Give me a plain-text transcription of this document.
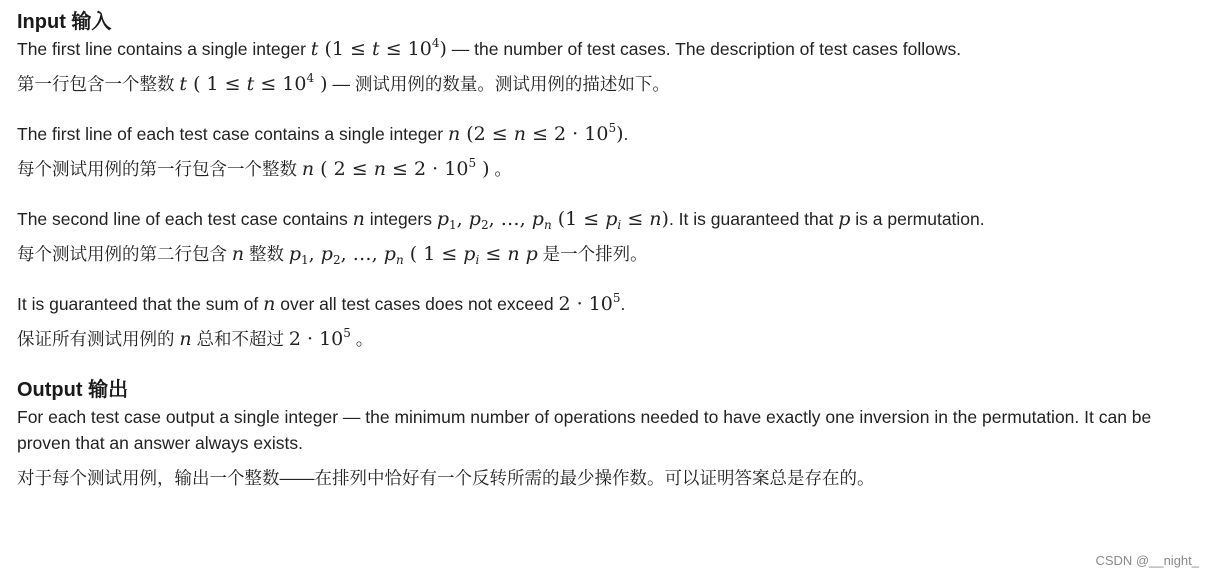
Input 输入

The first line contains a single integer t $(1 \le t \le 10^4)$ — the number of test cases. The description of test cases follows.

第一行包含一个整数 t ( $1 \le t \le 10^4$ ) — 测试用例的数量。测试用例的描述如下。

The first line of each test case contains a single integer n $(2 \le n \le 2 \cdot 10^5)$.

每个测试用例的第一行包含一个整数 n ( $2 \le n \le 2 \cdot 10^5$ ) 。

The second line of each test case contains n integers $p_1$, $p_2$, …, $p_n$ $(1 \le p_i \le n)$. It is guaranteed that p is a permutation.

每个测试用例的第二行包含 n 整数 $p_1$, $p_2$, …, $p_n$ ( $1 \le p_i \le n$ p 是一个排列。

It is guaranteed that the sum of n over all test cases does not exceed $2 \cdot 10^5$.

保证所有测试用例的 n 总和不超过 $2 \cdot 10^5$ 。

Output 输出

For each test case output a single integer — the minimum number of operations needed to have exactly one inversion in the permutation. It can be proven that an answer always exists.

对于每个测试用例，输出一个整数——在排列中恰好有一个反转所需的最少操作数。可以证明答案总是存在的。

CSDN @__night_
